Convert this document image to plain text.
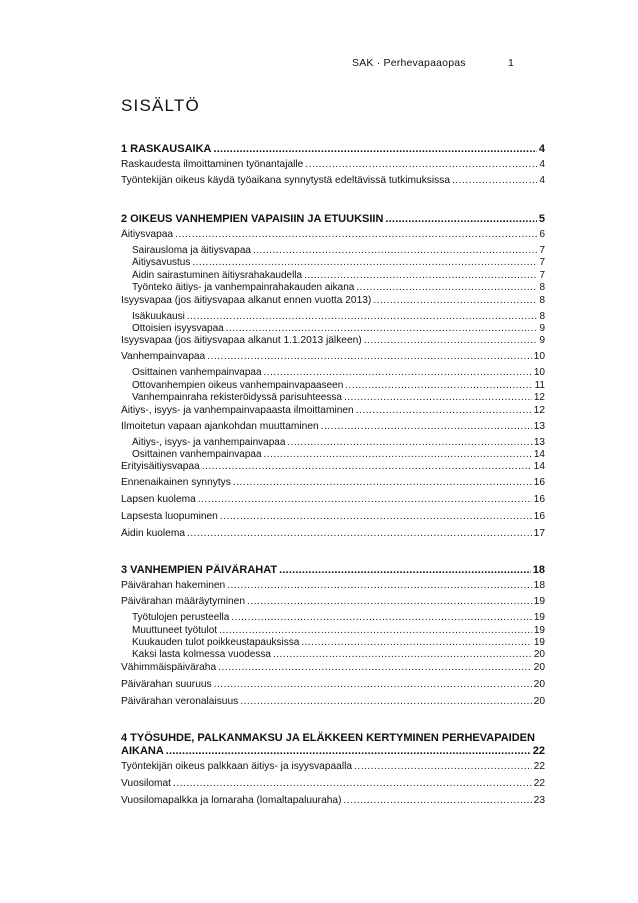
SAK · Perhevapaaopas	1
SISÄLTÖ
1 RASKAUSAIKA .....	4
Raskaudesta ilmoittaminen työnantajalle .....	4
Työntekijän oikeus käydä työaikana synnytystä edeltävissä tutkimuksissa .....	4
2 OIKEUS VANHEMPIEN VAPAISIIN JA ETUUKSIIN .....	5
Äitiysvapaa .....	6
Sairausloma ja äitiysvapaa .....	7
Äitiysavustus .....	7
Äidin sairastuminen äitiysrahakaudella .....	7
Työnteko äitiys- ja vanhempainrahakauden aikana .....	8
Isyysvapaa (jos äitiysvapaa alkanut ennen vuotta 2013) .....	8
Isäkuukausi .....	8
Ottoisien isyysvapaa .....	9
Isyysvapaa (jos äitiysvapaa alkanut 1.1.2013 jälkeen) .....	9
Vanhempainvapaa .....	10
Osittainen vanhempainvapaa .....	10
Ottovanhempien oikeus vanhempainvapaaseen .....	11
Vanhempainraha rekisteröidyssä parisuhteessa .....	12
Äitiys-, isyys- ja vanhempainvapaasta ilmoittaminen .....	12
Ilmoitetun vapaan ajankohdan muuttaminen .....	13
Äitiys-, isyys- ja vanhempainvapaa .....	13
Osittainen vanhempainvapaa .....	14
Erityisäitiysvapaa .....	14
Ennenaikainen synnytys .....	16
Lapsen kuolema .....	16
Lapsesta luopuminen .....	16
Äidin kuolema .....	17
3 VANHEMPIEN PÄIVÄRAHAT .....	18
Päivärahan hakeminen .....	18
Päivärahan määräytyminen .....	19
Työtulojen perusteella .....	19
Muuttuneet työtulot .....	19
Kuukauden tulot poikkeustapauksissa .....	19
Kaksi lasta kolmessa vuodessa .....	20
Vähimmäispäiväraha .....	20
Päivärahan suuruus .....	20
Päivärahan veronalaisuus .....	20
4 TYÖSUHDE, PALKANMAKSU JA ELÄKKEEN KERTYMINEN PERHEVAPAIDEN
AIKANA .....	22
Työntekijän oikeus palkkaan äitiys- ja isyysvapaalla .....	22
Vuosilomat .....	22
Vuosilomapalkka ja lomaraha (lomaltapaluuraha) .....	23
